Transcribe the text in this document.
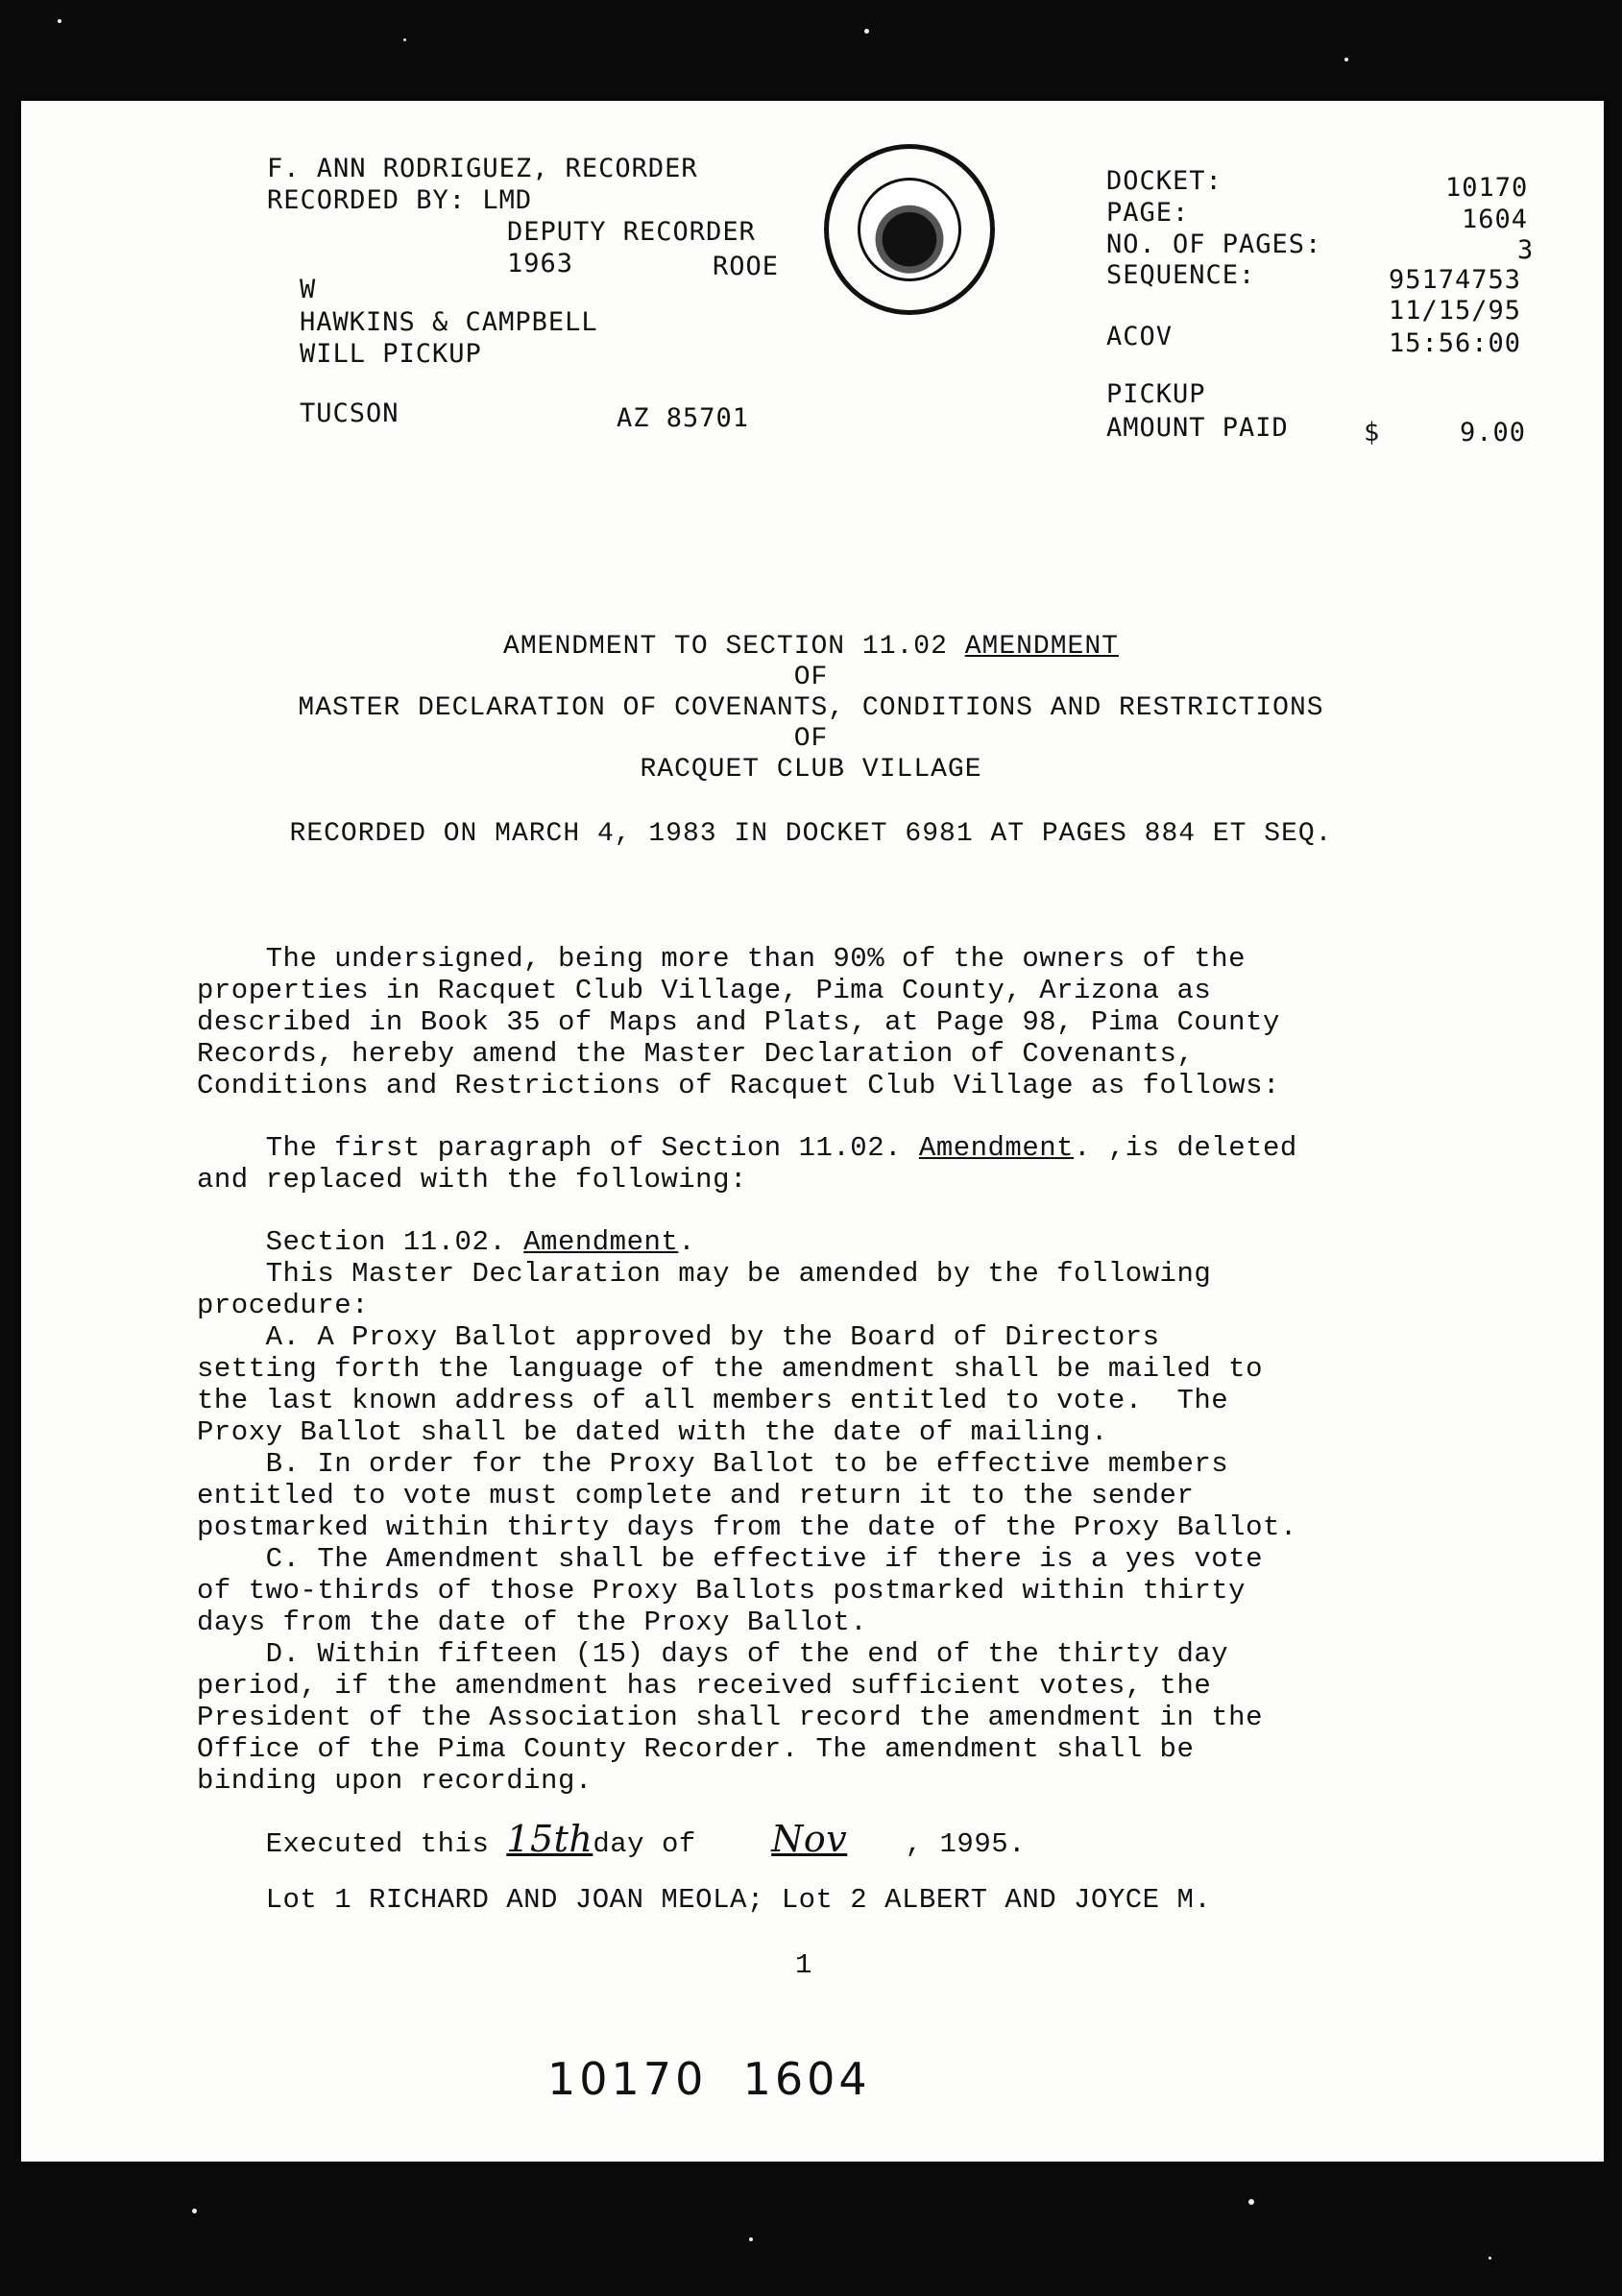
F. ANN RODRIGUEZ, RECORDER
RECORDED BY: LMD
DEPUTY RECORDER
1963	ROOE
W
HAWKINS & CAMPBELL
WILL PICKUP
TUCSON	AZ 85701
DOCKET:	10170
PAGE:	1604
NO. OF PAGES:	3
SEQUENCE:	95174753
11/15/95
ACOV	15:56:00
PICKUP
AMOUNT PAID	$	9.00
AMENDMENT TO SECTION 11.02 AMENDMENT
OF
MASTER DECLARATION OF COVENANTS, CONDITIONS AND RESTRICTIONS
OF
RACQUET CLUB VILLAGE
RECORDED ON MARCH 4, 1983 IN DOCKET 6981 AT PAGES 884 ET SEQ.
The undersigned, being more than 90% of the owners of the
properties in Racquet Club Village, Pima County, Arizona as
described in Book 35 of Maps and Plats, at Page 98, Pima County
Records, hereby amend the Master Declaration of Covenants,
Conditions and Restrictions of Racquet Club Village as follows:
The first paragraph of Section 11.02. Amendment. ,is deleted
and replaced with the following:
Section 11.02. Amendment.
This Master Declaration may be amended by the following
procedure:
A. A Proxy Ballot approved by the Board of Directors
setting forth the language of the amendment shall be mailed to
the last known address of all members entitled to vote.  The
Proxy Ballot shall be dated with the date of mailing.
B. In order for the Proxy Ballot to be effective members
entitled to vote must complete and return it to the sender
postmarked within thirty days from the date of the Proxy Ballot.
C. The Amendment shall be effective if there is a yes vote
of two-thirds of those Proxy Ballots postmarked within thirty
days from the date of the Proxy Ballot.
D. Within fifteen (15) days of the end of the thirty day
period, if the amendment has received sufficient votes, the
President of the Association shall record the amendment in the
Office of the Pima County Recorder. The amendment shall be
binding upon recording.
Executed this 15thday of Nov , 1995.
Lot 1 RICHARD AND JOAN MEOLA; Lot 2 ALBERT AND JOYCE M.
1
10170  1604
